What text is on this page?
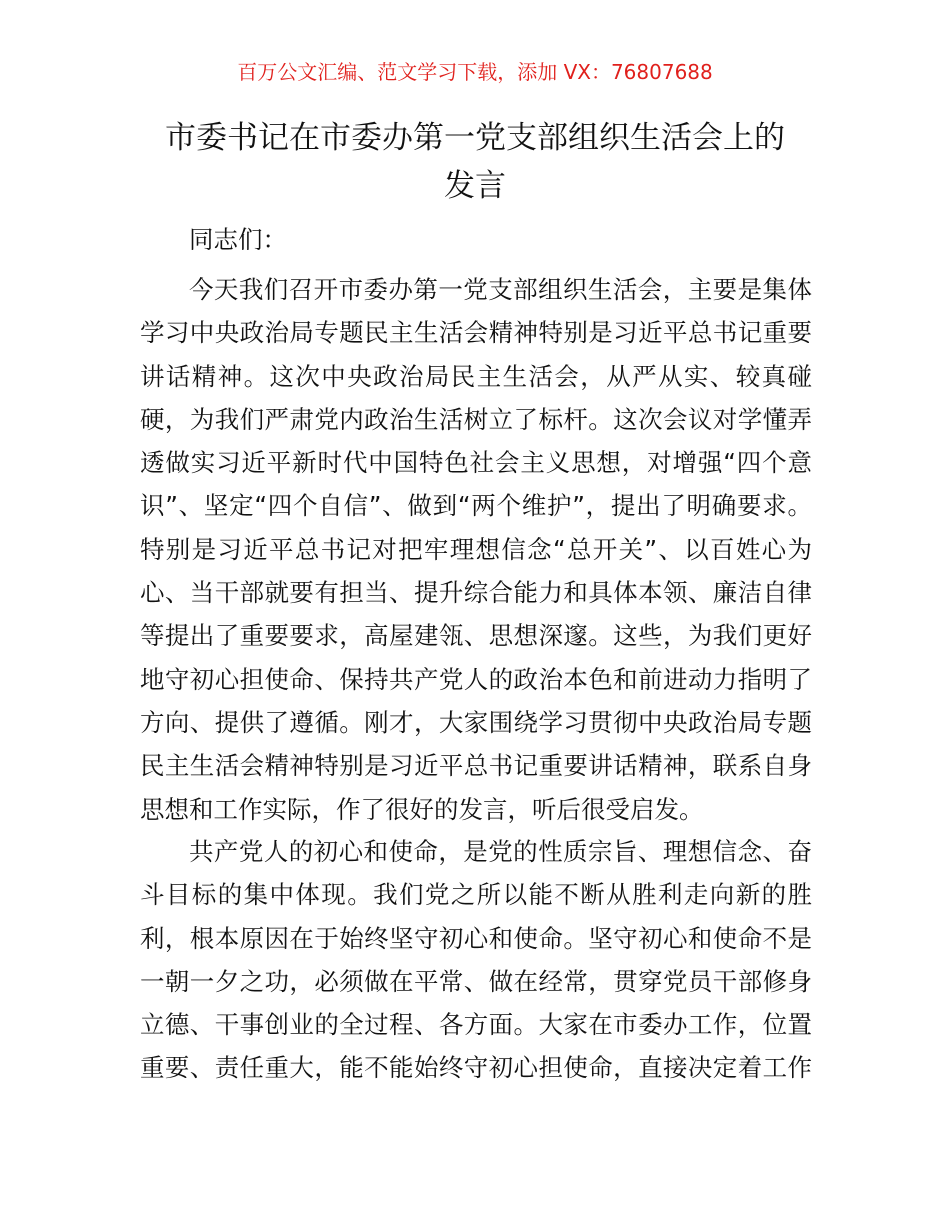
百万公文汇编、范文学习下载，添加 VX：76807688
市委书记在市委办第一党支部组织生活会上的
发言
同志们：
今天我们召开市委办第一党支部组织生活会，主要是集体
学习中央政治局专题民主生活会精神特别是习近平总书记重要
讲话精神。这次中央政治局民主生活会，从严从实、较真碰
硬，为我们严肃党内政治生活树立了标杆。这次会议对学懂弄
透做实习近平新时代中国特色社会主义思想，对增强“四个意
识”、坚定“四个自信”、做到“两个维护”，提出了明确要求。
特别是习近平总书记对把牢理想信念“总开关”、以百姓心为
心、当干部就要有担当、提升综合能力和具体本领、廉洁自律
等提出了重要要求，高屋建瓴、思想深邃。这些，为我们更好
地守初心担使命、保持共产党人的政治本色和前进动力指明了
方向、提供了遵循。刚才，大家围绕学习贯彻中央政治局专题
民主生活会精神特别是习近平总书记重要讲话精神，联系自身
思想和工作实际，作了很好的发言，听后很受启发。
共产党人的初心和使命，是党的性质宗旨、理想信念、奋
斗目标的集中体现。我们党之所以能不断从胜利走向新的胜
利，根本原因在于始终坚守初心和使命。坚守初心和使命不是
一朝一夕之功，必须做在平常、做在经常，贯穿党员干部修身
立德、干事创业的全过程、各方面。大家在市委办工作，位置
重要、责任重大，能不能始终守初心担使命，直接决定着工作
